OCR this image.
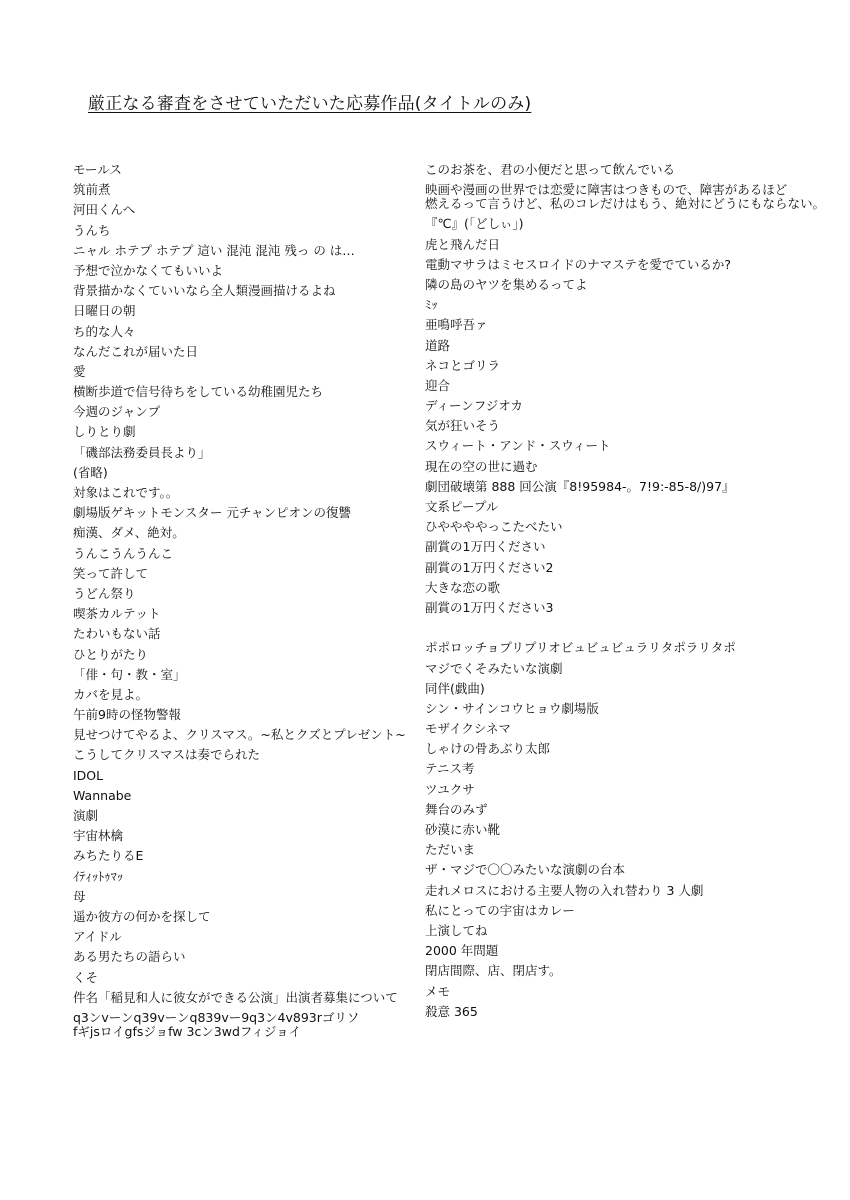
厳正なる審査をさせていただいた応募作品(タイトルのみ)
モールス
筑前煮
河田くんへ
うんち
ニャル ホテプ ホテプ 這い 混沌 混沌 残っ の は…
予想で泣かなくてもいいよ
背景描かなくていいなら全人類漫画描けるよね
日曜日の朝
ち的な人々
なんだこれが届いた日
愛
横断歩道で信号待ちをしている幼稚園児たち
今週のジャンプ
しりとり劇
「磯部法務委員長より」
(省略)
対象はこれです。。
劇場版ゲキットモンスター 元チャンピオンの復讐
痴漢、ダメ、絶対。
うんこうんうんこ
笑って許して
うどん祭り
喫茶カルテット
たわいもない話
ひとりがたり
「俳・句・教・室」
カバを見よ。
午前9時の怪物警報
見せつけてやるよ、クリスマス。~私とクズとプレゼント~
こうしてクリスマスは奏でられた
IDOL
Wannabe
演劇
宇宙林檎
みちたりるE
ｲﾃｨｯﾄｩﾏｯ
母
遥か彼方の何かを探して
アイドル
ある男たちの語らい
くそ
件名「稲見和人に彼女ができる公演」出演者募集について
q3ンvーンq39vーンq839vー9q3ン4v893rゴリソ
fギjsロイgfsジョfw 3cン3wdフィジョイ
このお茶を、君の小便だと思って飲んでいる
映画や漫画の世界では恋愛に障害はつきもので、障害があるほど
燃えるって言うけど、私のコレだけはもう、絶対にどうにもならない。
『℃』(「どしぃ」)
虎と飛んだ日
電動マサラはミセスロイドのナマステを愛でているか?
隣の島のヤツを集めるってよ
ﾐｯ
亜鳴呼吾ァ
道路
ネコとゴリラ
迎合
ディーンフジオカ
気が狂いそう
スウィート・アンド・スウィート
現在の空の世に過む
劇団破壊第 888 回公演『8!95984-。7!9:-85-8/)97』
文系ピープル
ひややややっこたべたい
副賞の1万円ください
副賞の1万円ください2
大きな恋の歌
副賞の1万円ください3
ポポロッチョプリプリオビュビュビュラリタポラリタポ
マジでくそみたいな演劇
同伴(戯曲)
シン・サインコウヒョウ劇場版
モザイクシネマ
しゃけの骨あぶり太郎
テニス考
ツユクサ
舞台のみず
砂漠に赤い靴
ただいま
ザ・マジで〇〇みたいな演劇の台本
走れメロスにおける主要人物の入れ替わり 3 人劇
私にとっての宇宙はカレー
上演してね
2000 年問題
閉店間際、店、閉店す。
メモ
殺意 365
